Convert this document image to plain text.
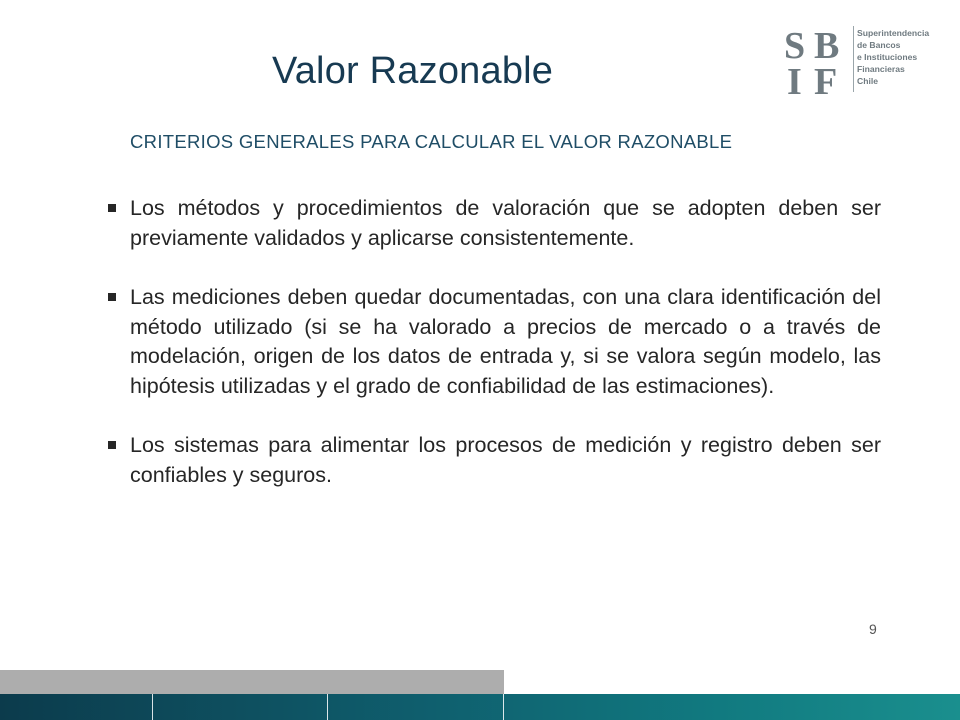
S B
I F
Superintendencia
de Bancos
e Instituciones
Financieras
Chile
Valor Razonable

CRITERIOS GENERALES PARA CALCULAR EL VALOR RAZONABLE

Los métodos y procedimientos de valoración que se adopten deben ser previamente validados y aplicarse consistentemente.
Las mediciones deben quedar documentadas, con una clara identificación del método utilizado (si se ha valorado a precios de mercado o a través de modelación, origen de los datos de entrada y, si se valora según modelo, las hipótesis utilizadas y el grado de confiabilidad de las estimaciones).
Los sistemas para alimentar los procesos de medición y registro deben ser confiables y seguros.
9
